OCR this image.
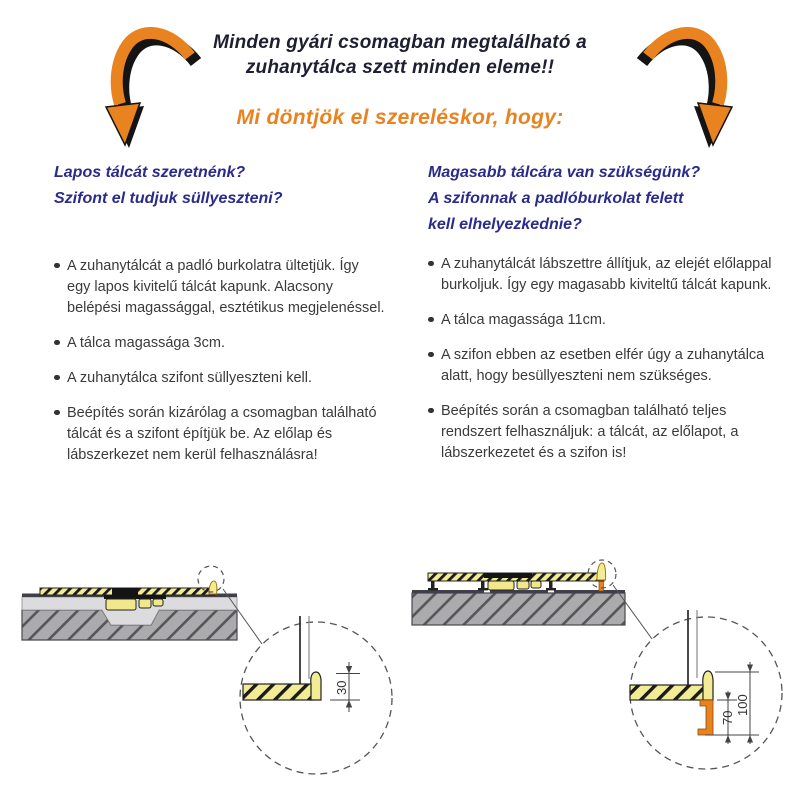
Minden gyári csomagban megtalálható a
zuhanytálca szett minden eleme!!
Mi döntjök el szereléskor, hogy:
Lapos tálcát szeretnénk?
Szifont el tudjuk süllyeszteni?
A zuhanytálcát a padló burkolatra ültetjük. Így egy lapos kivitelű tálcát kapunk. Alacsony belépési magassággal, esztétikus megjelenéssel.
A tálca magassága 3cm.
A zuhanytálca szifont süllyeszteni kell.
Beépítés során kizárólag a csomagban található tálcát és a szifont építjük be. Az előlap és lábszerkezet nem kerül felhasználásra!
Magasabb tálcára van szükségünk?
A szifonnak a padlóburkolat felett
kell elhelyezkednie?
A zuhanytálcát lábszettre állítjuk, az elejét előlappal burkoljuk. Így egy magasabb kiviteltű tálcát kapunk.
A tálca magassága 11cm.
A szifon ebben az esetben elfér úgy a zuhanytálca alatt, hogy besüllyeszteni nem szükséges.
Beépítés során a csomagban található teljes rendszert felhasználjuk: a tálcát, az előlapot, a lábszerkezetet és a szifon is!
30
70
100
